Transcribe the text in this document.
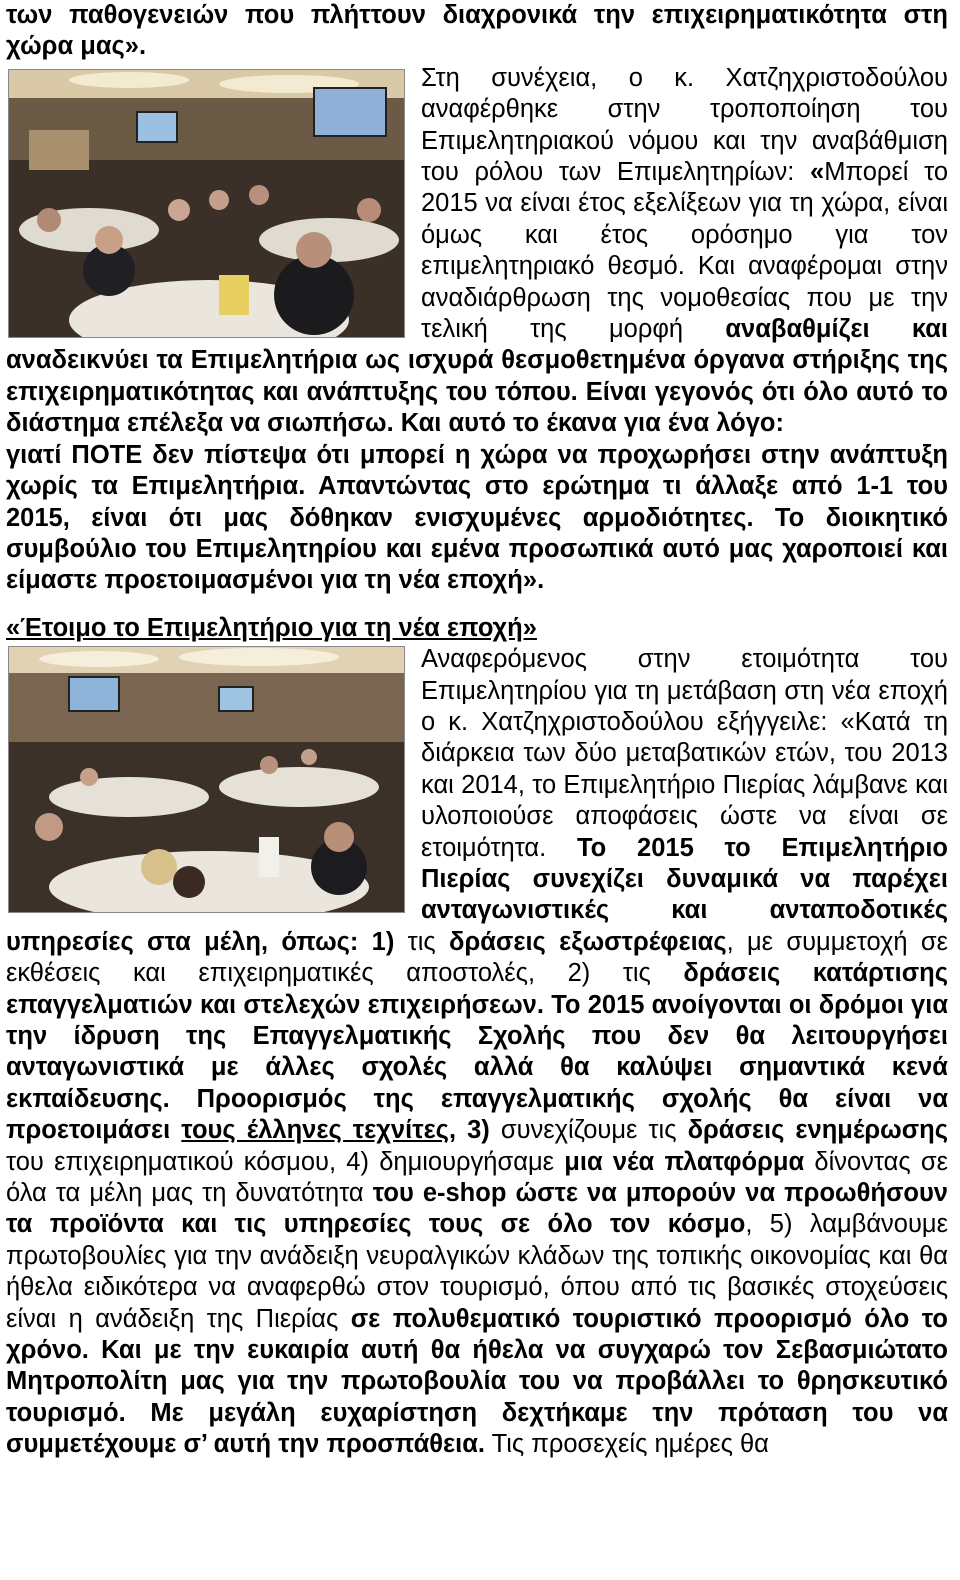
των παθογενειών που πλήττουν διαχρονικά την επιχειρηματικότητα στη χώρα μας».

Στη συνέχεια, ο κ. Χατζηχριστοδούλου αναφέρθηκε στην τροποποίηση του Επιμελητηριακού νόμου και την αναβάθμιση του ρόλου των Επιμελητηρίων: «Μπορεί το 2015 να είναι έτος εξελίξεων για τη χώρα, είναι όμως και έτος ορόσημο για τον επιμελητηριακό θεσμό. Και αναφέρομαι στην αναδιάρθρωση της νομοθεσίας που με την τελική της μορφή αναβαθμίζει και αναδεικνύει τα Επιμελητήρια ως ισχυρά θεσμοθετημένα όργανα στήριξης της επιχειρηματικότητας και ανάπτυξης του τόπου. Είναι γεγονός ότι όλο αυτό το διάστημα επέλεξα να σιωπήσω. Και αυτό το έκανα για ένα λόγο:
γιατί ΠΟΤΕ δεν πίστεψα ότι μπορεί η χώρα να προχωρήσει στην ανάπτυξη χωρίς τα Επιμελητήρια. Απαντώντας στο ερώτημα τι άλλαξε από 1-1 του 2015, είναι ότι μας δόθηκαν ενισχυμένες αρμοδιότητες. Το διοικητικό συμβούλιο του Επιμελητηρίου και εμένα προσωπικά αυτό μας χαροποιεί και είμαστε προετοιμασμένοι για τη νέα εποχή».

«Έτοιμο το Επιμελητήριο για τη νέα εποχή»

Αναφερόμενος στην ετοιμότητα του Επιμελητηρίου για τη μετάβαση στη νέα εποχή ο κ. Χατζηχριστοδούλου εξήγγειλε: «Κατά τη διάρκεια των δύο μεταβατικών ετών, του 2013 και 2014, το Επιμελητήριο Πιερίας λάμβανε και υλοποιούσε αποφάσεις ώστε να είναι σε ετοιμότητα. Το 2015 το Επιμελητήριο Πιερίας συνεχίζει δυναμικά να παρέχει ανταγωνιστικές και ανταποδοτικές υπηρεσίες στα μέλη, όπως: 1) τις δράσεις εξωστρέφειας, με συμμετοχή σε εκθέσεις και επιχειρηματικές αποστολές, 2) τις δράσεις κατάρτισης επαγγελματιών και στελεχών επιχειρήσεων. Το 2015 ανοίγονται οι δρόμοι για την ίδρυση της Επαγγελματικής Σχολής που δεν θα λειτουργήσει ανταγωνιστικά με άλλες σχολές αλλά θα καλύψει σημαντικά κενά εκπαίδευσης. Προορισμός της επαγγελματικής σχολής θα είναι να προετοιμάσει τους έλληνες τεχνίτες, 3) συνεχίζουμε τις δράσεις ενημέρωσης του επιχειρηματικού κόσμου, 4) δημιουργήσαμε μια νέα πλατφόρμα δίνοντας σε όλα τα μέλη μας τη δυνατότητα του e-shop ώστε να μπορούν να προωθήσουν τα προϊόντα και τις υπηρεσίες τους σε όλο τον κόσμο, 5) λαμβάνουμε πρωτοβουλίες για την ανάδειξη νευραλγικών κλάδων της τοπικής οικονομίας και θα ήθελα ειδικότερα να αναφερθώ στον τουρισμό, όπου από τις βασικές στοχεύσεις είναι η ανάδειξη της Πιερίας σε πολυθεματικό τουριστικό προορισμό όλο το χρόνο. Και με την ευκαιρία αυτή θα ήθελα να συγχαρώ τον Σεβασμιώτατο Μητροπολίτη μας για την πρωτοβουλία του να προβάλλει το θρησκευτικό τουρισμό. Με μεγάλη ευχαρίστηση δεχτήκαμε την πρόταση του να συμμετέχουμε σ’ αυτή την προσπάθεια. Τις προσεχείς ημέρες θα
